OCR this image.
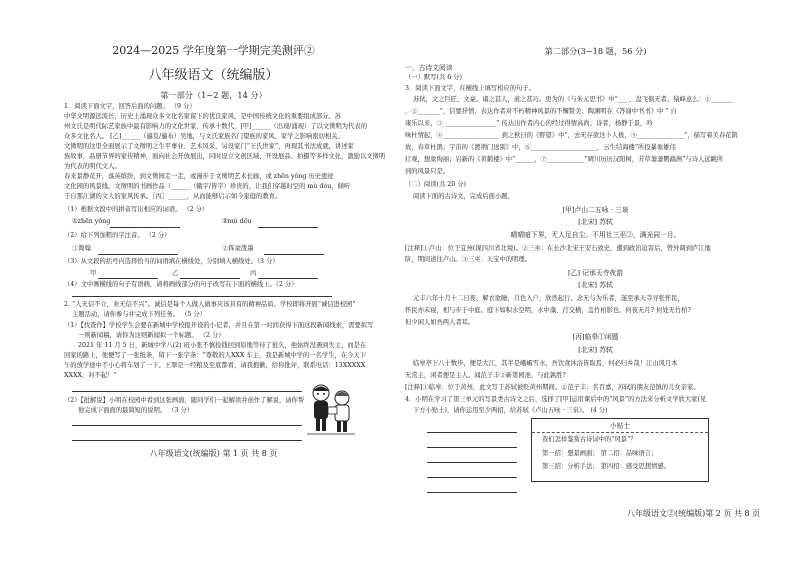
2024—2025 学年度第一学期完美测评②
八年级语文（统编版）
第一部分（1~2 题，14 分）
1．阅读下面文字，回答后面的问题。 （9 分）
中华文明源远流长，历史上涌现众多文化名家留下的优良家风，是中国传统文化的重要组成部分。苏
州文氏是明代际艺家族中最有影响力的文化世家，传承十数代，[甲]______（出现/涌现）了以文徵明为代表的
众多文化名人。 [乙]______（遍及/遍布）吴地，与文氏家族名门望族的家风、家学之影响密切相关。
文徵明的这里全面展示了文徵明之生平事业、艺术风采，另设家门“王氏世家”，再现其书法成就，讲述家
族故事，品册节界的家传精神，面向社会开放展出，同时设立文创区域，开设展品、拍摄等多样文化，激励以文徵明
为代表的明代文人。
春来景静花开，落英缤纷，到文徵园走一走，或漫步于文徵明艺术长廊，或 zhēn yǒng 历史遗迹
文化园的风景线。文徵明的书画作品（______（蛾字/皆字）珍贵的，让我们穿越时空的 mù dòu，倾听
于自那江湖的文人的家风传承。［丙］______，从而能够启示如今家庭的教育。
（1）根据文段中的拼音写出相应的词语。 （2 分）
①zhēn yǒng	②mù dōu
（2）给下列加粗的字注音。 （2 分）
①淘翰	②挥毫泼墨
（3）从文段的括号内选择恰当的词语填在横线处，分别填入横线处。（3 分）
甲	乙	丙
（4）文中画横线的句子有语病，请将画线部分的句子改写在下面的横线上。（2 分）
2. “人无信不立，业无信不兴”。诚信是每个人做人做事应该具有的精神品质。学校即将开展“诚信进校园”
主题活动，请你参与并完成下列任务。 （5 分）
（1）【找查作】学校学生会要在新城中学校报开设的小记者，并且在第一时间获得下面这段新闻线索，需要拟写
一则新闻稿，请你为这则新闻拟一个标题。 （2 分）
2021 年 11 月 5 日，新城中学八(2) 班小张不慎捡钱回到原地等待了很久，他始终没遇到失主，而是在
回家的路上，他便写了一张纸条，留下一张字条：“尊敬的人XXX 车主，我是新城中学的一名学生，在今天下
午的放学途中不小心将车划了一下。王翠是一经粮及至底都看，请我抱歉，给你批评，联系电话：13XXXXX
XXXX，对不起！”
（2）【批解说】小明在校园中看到这张画面，随同学们一起解读并创作了解说，请你帮
他完成下面面的最简短的说明。 （3 分）
八年级语文(统编版) 第 1 页 共 8 页
第二部分(3~18 题，56 分)
一、古诗文阅读
（一）默写(共 6 分)
3．阅读下面文字，在横线上填写相应的句子。
苏轼，文之巨匠，文豪。诸之甚人，道之甚巧。更为的《与朱元思书》中“___ ，盘飞俱无者，猿峰意么：①_______
，②_______”，信要抒情，表达作者对不朽精神风景的不懈赞美；陶渊明在《答谢中书书》中 “ 自
康乐以来，③_________________” 传达出作者内心的经过得情高尚；诗者，杨静于景，吟
味杜情起，④__________________ 到之秋日的《野望》中“，去无存欲这卜人极，⑤_______________”，描写着美春花鹊
放，春草杜鹃；宇宙的《渡荆门送别》中，⑥_____________________，云生结海楼”所投暴象雄伟
壮观，想象绚丽；岩新的《黄鹤楼》中“______，⑦____________”晴川历历汉阳树，芳草萋萋鹦鹉洲”与诗人远眺所
到的风景只是。
（二）阅读(共 20 分)
阅读下面的古诗文，完成后面小题。
[甲]卢山二五咏 · 三泉
[北宋] 苏轼
晴晴暗下界，无人足自尘。不用社三巫②，满光同一月。
[注释]①卢山：位于宜州(现四川省北境)。②三巫：在长沙北宋王安石致史，遭到政治迫害后，曾外调到庐江地
阶，期间道往卢山。③三巫：天宝中的明理。
[乙] 记承天寺夜游
[北宋] 苏轼
元丰六年十月十二日夜，解衣欲睡，月色入户，欣然起行。念无与为乐者，遂至承天寺寻张怀民，
怀民亦未寝，相与步于中庭。庭下如积水空明，水中藻、荇交横，盖竹柏影也。何夜无月? 何处无竹柏?
但少闲人如吾两人者耳。
[丙]临皋①闲题
[北宋] 苏轼
临皋亭下八十数步，便是大江，其半是峨嵋雪水，吾饮食沐浴皆取焉，何必归乡哉！江山风月本
无常主，闲者便是主人。闻范子丰②新第园池，与此孰胜?
[注释]①临皋：位于黄州，此文写于苏轼被贬黄州期间。②范子丰：名百嘉，苏轼的朋友范镇的儿女亲家。
4．小明在学习了第三单元的写景类古诗文之后，选择了[甲]运用课后中的“风景”的方法来分析文学欣大家(见
下方小贴士)，请你运用至少两招，给苏轼《卢山五咏 · 三泉》。 (4 分)
小贴士
我们怎样鉴赏古诗词中的“风景”？
第一招：想景画面； 第二招：品味语言；
第三招：分析手法； 第四招：感受思想情感。
八年级语文②(统编版)第 2 页 共 8 页
